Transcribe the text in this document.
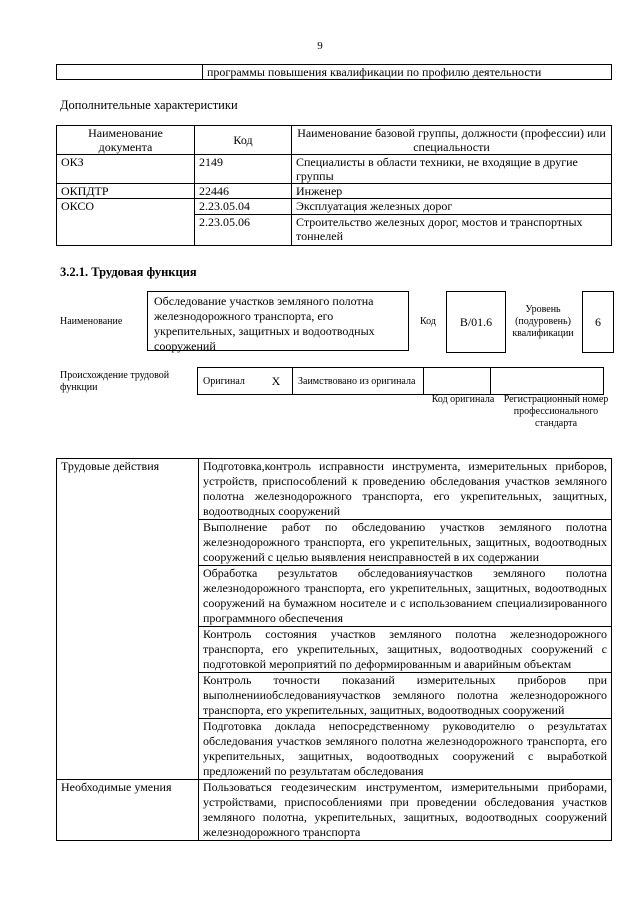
9
	программы повышения квалификации по профилю деятельности
Дополнительные характеристики
Наименование документа	Код	Наименование базовой группы, должности (профессии) или специальности
ОКЗ	2149	Специалисты в области техники, не входящие в другие группы
ОКПДТР	22446	Инженер
ОКСО	2.23.05.04	Эксплуатация железных дорог
	2.23.05.06	Строительство железных дорог, мостов и транспортных тоннелей
3.2.1. Трудовая функция
Наименование
Обследование участков земляного полотна железнодорожного транспорта, его укрепительных, защитных и водоотводных сооружений
Код	B/01.6
Уровень (подуровень) квалификации
6
Происхождение трудовой функции
Оригинал	X	Заимствовано из оригинала		
Код оригинала Регистрационный номер профессионального стандарта
Трудовые действия	Подготовка,контроль исправности инструмента, измерительных приборов, устройств, приспособлений к проведению обследования участков земляного полотна железнодорожного транспорта, его укрепительных, защитных, водоотводных сооружений
	Выполнение работ по обследованию участков земляного полотна железнодорожного транспорта, его укрепительных, защитных, водоотводных сооружений с целью выявления неисправностей в их содержании
	Обработка результатов обследованияучастков земляного полотна железнодорожного транспорта, его укрепительных, защитных, водоотводных сооружений на бумажном носителе и с использованием специализированного программного обеспечения
	Контроль состояния участков земляного полотна железнодорожного транспорта, его укрепительных, защитных, водоотводных сооружений с подготовкой мероприятий по деформированным и аварийным объектам
	Контроль точности показаний измерительных приборов при выполненииобследованияучастков земляного полотна железнодорожного транспорта, его укрепительных, защитных, водоотводных сооружений
	Подготовка доклада непосредственному руководителю о результатах обследования участков земляного полотна железнодорожного транспорта, его укрепительных, защитных, водоотводных сооружений с выработкой предложений по результатам обследования
Необходимые умения	Пользоваться геодезическим инструментом, измерительными приборами, устройствами, приспособлениями при проведении обследования участков земляного полотна, укрепительных, защитных, водоотводных сооружений железнодорожного транспорта
